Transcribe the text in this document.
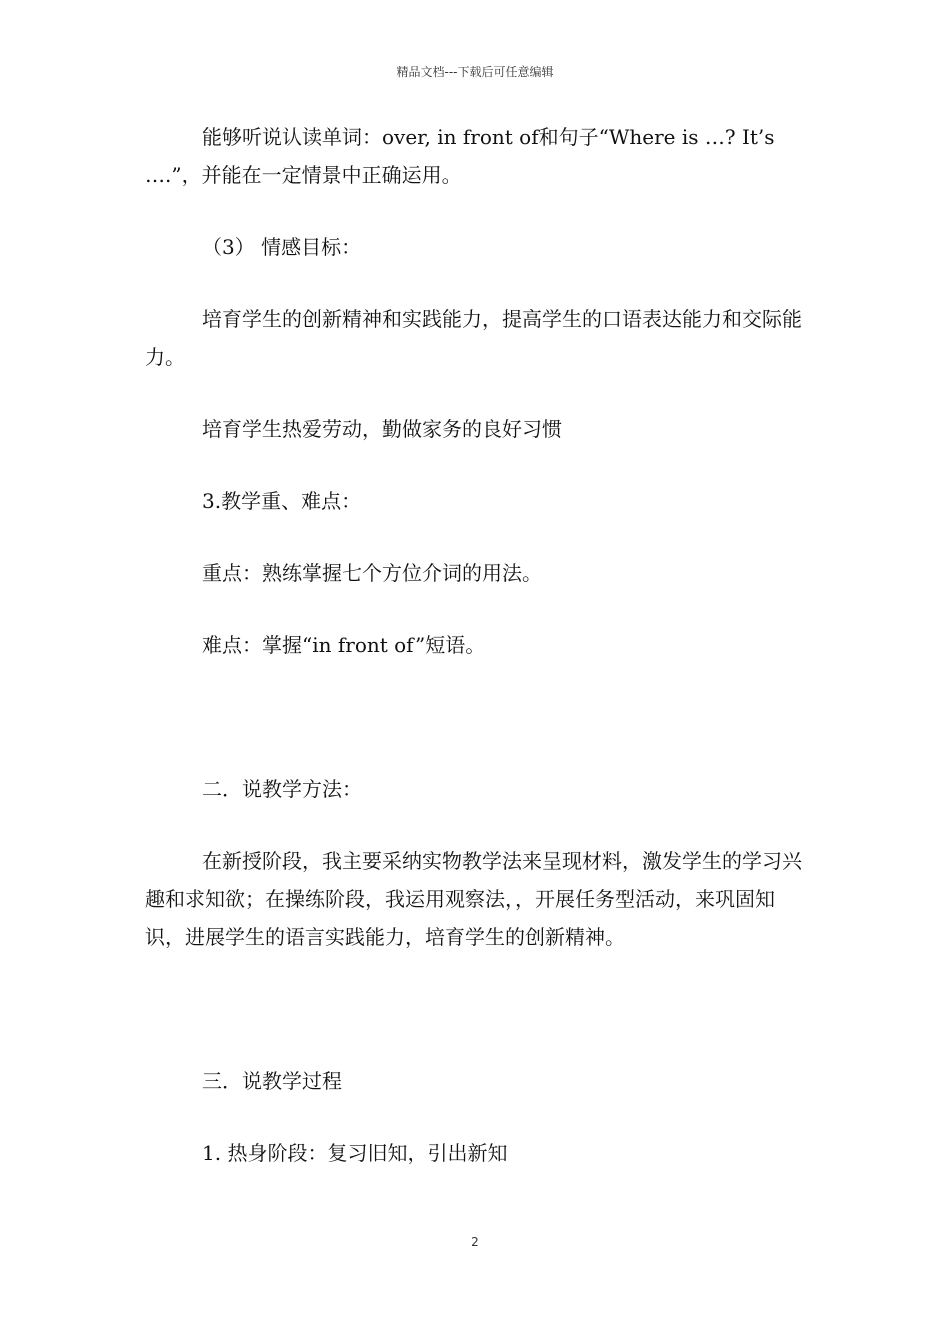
精品文档---下载后可任意编辑

能够听说认读单词：over, in front of和句子“Where is …? It’s ….”，并能在一定情景中正确运用。

（3） 情感目标：

培育学生的创新精神和实践能力，提高学生的口语表达能力和交际能力。

培育学生热爱劳动，勤做家务的良好习惯

3.教学重、难点：

重点：熟练掌握七个方位介词的用法。

难点：掌握“in front of”短语。

二．说教学方法：

在新授阶段，我主要采纳实物教学法来呈现材料，激发学生的学习兴趣和求知欲；在操练阶段，我运用观察法，，开展任务型活动，来巩固知识，进展学生的语言实践能力，培育学生的创新精神。

三．说教学过程

1. 热身阶段：复习旧知，引出新知

2
